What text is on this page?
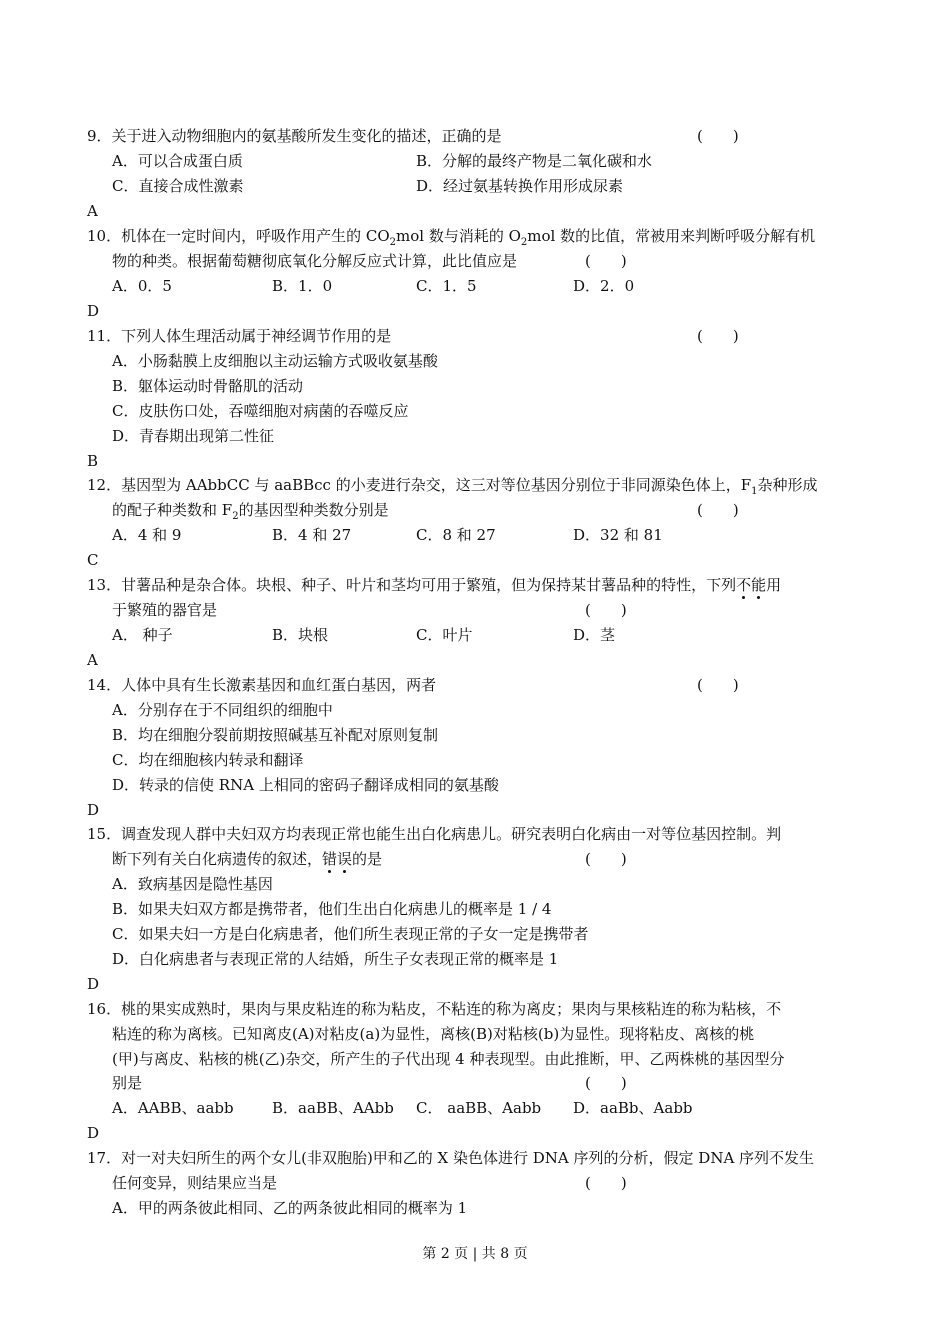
9．关于进入动物细胞内的氨基酸所发生变化的描述，正确的是	(　　)
A．可以合成蛋白质	B．分解的最终产物是二氧化碳和水
C．直接合成性激素	D．经过氨基转换作用形成尿素
A
10．机体在一定时间内，呼吸作用产生的 $CO_2mol$ 数与消耗的 $O_2mol$ 数的比值，常被用来判断呼吸分解有机
物的种类。根据葡萄糖彻底氧化分解反应式计算，此比值应是	(　　)
A．0．5	B．1．0	C．1．5	D．2．0
D
11．下列人体生理活动属于神经调节作用的是	(　　)
A．小肠黏膜上皮细胞以主动运输方式吸收氨基酸
B．躯体运动时骨骼肌的活动
C．皮肤伤口处，吞噬细胞对病菌的吞噬反应
D．青春期出现第二性征
B
12．基因型为 AAbbCC 与 aaBBcc 的小麦进行杂交，这三对等位基因分别位于非同源染色体上，$F_1$杂种形成
的配子种类数和 $F_2$的基因型种类数分别是	(　　)
A．4 和 9	B．4 和 27	C．8 和 27	D．32 和 81
C
13．甘薯品种是杂合体。块根、种子、叶片和茎均可用于繁殖，但为保持某甘薯品种的特性，下列不能用
于繁殖的器官是	(　　)
A． 种子	B．块根	C．叶片	D．茎
A
14．人体中具有生长激素基因和血红蛋白基因，两者	(　　)
A．分别存在于不同组织的细胞中
B．均在细胞分裂前期按照碱基互补配对原则复制
C．均在细胞核内转录和翻译
D．转录的信使 RNA 上相同的密码子翻译成相同的氨基酸
D
15．调查发现人群中夫妇双方均表现正常也能生出白化病患儿。研究表明白化病由一对等位基因控制。判
断下列有关白化病遗传的叙述，错误的是	(　　)
A．致病基因是隐性基因
B．如果夫妇双方都是携带者，他们生出白化病患儿的概率是 1 / 4
C．如果夫妇一方是白化病患者，他们所生表现正常的子女一定是携带者
D．白化病患者与表现正常的人结婚，所生子女表现正常的概率是 1
D
16．桃的果实成熟时，果肉与果皮粘连的称为粘皮，不粘连的称为离皮；果肉与果核粘连的称为粘核，不
粘连的称为离核。已知离皮(A)对粘皮(a)为显性，离核(B)对粘核(b)为显性。现将粘皮、离核的桃
(甲)与离皮、粘核的桃(乙)杂交，所产生的子代出现 4 种表现型。由此推断，甲、乙两株桃的基因型分
别是	(　　)
A．AABB、aabb	B．aaBB、AAbb C． aaBB、Aabb D．aaBb、Aabb
D
17．对一对夫妇所生的两个女儿(非双胞胎)甲和乙的 X 染色体进行 DNA 序列的分析，假定 DNA 序列不发生
任何变异，则结果应当是	(　　)
A．甲的两条彼此相同、乙的两条彼此相同的概率为 1
第 2 页 | 共 8 页
